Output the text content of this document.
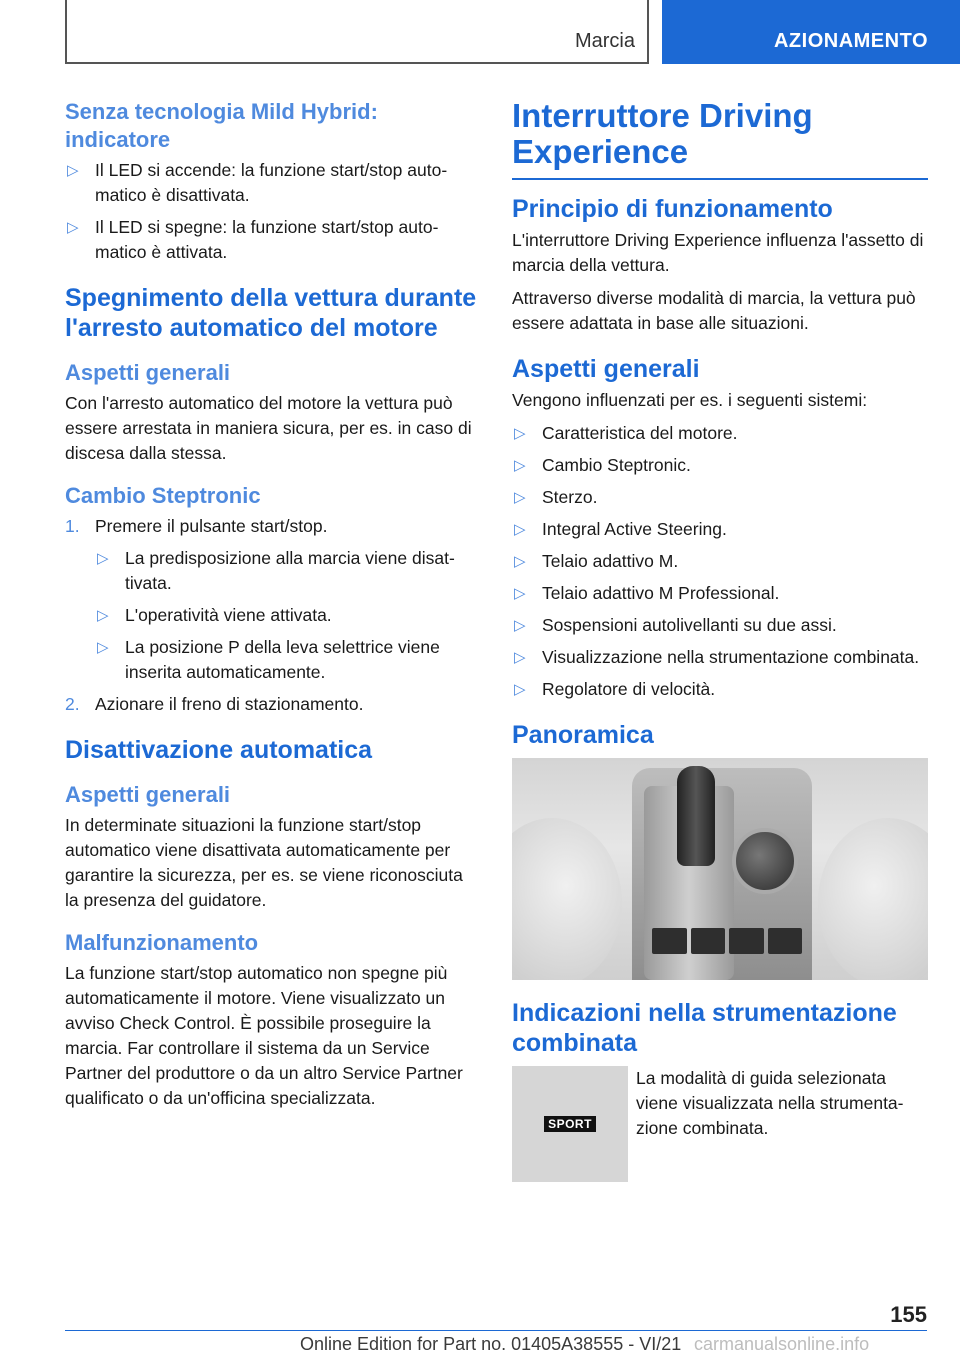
Marcia	AZIONAMENTO
Senza tecnologia Mild Hybrid: indicatore
▷ Il LED si accende: la funzione start/stop automatico è disattivata.
▷ Il LED si spegne: la funzione start/stop automatico è attivata.
Spegnimento della vettura durante l'arresto automatico del motore
Aspetti generali
Con l'arresto automatico del motore la vettura può essere arrestata in maniera sicura, per es. in caso di discesa dalla stessa.
Cambio Steptronic
1. Premere il pulsante start/stop.
▷ La predisposizione alla marcia viene disattivata.
▷ L'operatività viene attivata.
▷ La posizione P della leva selettrice viene inserita automaticamente.
2. Azionare il freno di stazionamento.
Disattivazione automatica
Aspetti generali
In determinate situazioni la funzione start/stop automatico viene disattivata automaticamente per garantire la sicurezza, per es. se viene riconosciuta la presenza del guidatore.
Malfunzionamento
La funzione start/stop automatico non spegne più automaticamente il motore. Viene visualizzato un avviso Check Control. È possibile proseguire la marcia. Far controllare il sistema da un Service Partner del produttore o da un altro Service Partner qualificato o da un'officina specializzata.
Interruttore Driving Experience
Principio di funzionamento
L'interruttore Driving Experience influenza l'assetto di marcia della vettura.
Attraverso diverse modalità di marcia, la vettura può essere adattata in base alle situazioni.
Aspetti generali
Vengono influenzati per es. i seguenti sistemi:
▷ Caratteristica del motore.
▷ Cambio Steptronic.
▷ Sterzo.
▷ Integral Active Steering.
▷ Telaio adattivo M.
▷ Telaio adattivo M Professional.
▷ Sospensioni autolivellanti su due assi.
▷ Visualizzazione nella strumentazione combinata.
▷ Regolatore di velocità.
Panoramica
Indicazioni nella strumentazione combinata
SPORT
La modalità di guida selezionata viene visualizzata nella strumentazione combinata.
155
Online Edition for Part no. 01405A38555 - VI/21 carmanualsonline.info
